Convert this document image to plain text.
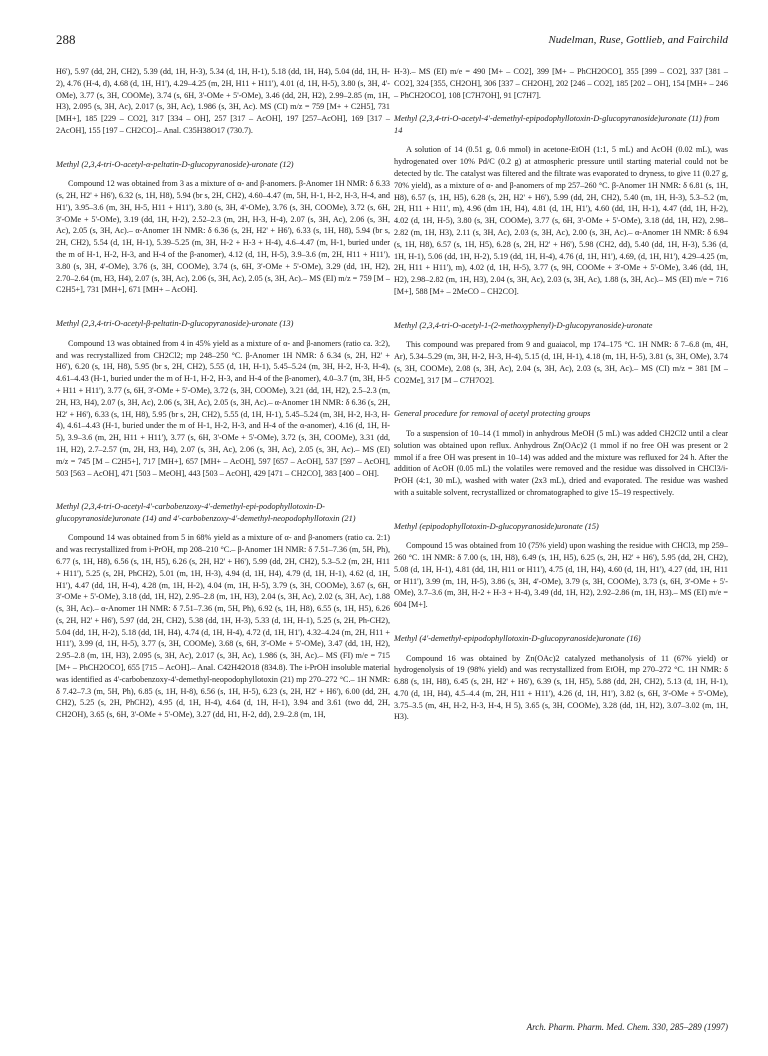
288	Nudelman, Ruse, Gottlieb, and Fairchild

H6'), 5.97 (dd, 2H, CH2), 5.39 (dd, 1H, H-3), 5.34 (d, 1H, H-1), 5.18 (dd, 1H, H4), 5.04 (dd, 1H, H-2), 4.76 (H-4, d), 4.68 (d, 1H, H1'), 4.29–4.25 (m, 2H, H11 + H11'), 4.01 (d, 1H, H-5), 3.80 (s, 3H, 4'-OMe), 3.77 (s, 3H, COOMe), 3.74 (s, 6H, 3'-OMe + 5'-OMe), 3.46 (dd, 2H, H2), 2.99–2.85 (m, 1H, H3), 2.095 (s, 3H, Ac), 2.017 (s, 3H, Ac), 1.986 (s, 3H, Ac). MS (CI) m/z = 759 [M+ + C2H5], 731 [MH+], 185 [229 – CO2], 317 [334 – OH], 257 [317 – AcOH], 197 [257–AcOH], 169 [317 – 2AcOH], 155 [197 – CH2CO].– Anal. C35H38O17 (730.7).

Methyl (2,3,4-tri-O-acetyl-α-peltatin-D-glucopyranoside)-uronate (12)

Compound 12 was obtained from 3 as a mixture of α- and β-anomers. β-Anomer 1H NMR: δ 6.33 (s, 2H, H2' + H6'), 6.32 (s, 1H, H8), 5.94 (br s, 2H, CH2), 4.60–4.47 (m, 5H, H-1, H-2, H-3, H-4, and H1'), 3.95–3.6 (m, 3H, H-5, H11 + H11'), 3.80 (s, 3H, 4'-OMe), 3.76 (s, 3H, COOMe), 3.72 (s, 6H, 3'-OMe + 5'-OMe), 3.19 (dd, 1H, H-2), 2.52–2.3 (m, 2H, H-3, H-4), 2.07 (s, 3H, Ac), 2.06 (s, 3H, Ac), 2.05 (s, 3H, Ac).– α-Anomer 1H NMR: δ 6.36 (s, 2H, H2' + H6'), 6.33 (s, 1H, H8), 5.94 (br s, 2H, CH2), 5.54 (d, 1H, H-1), 5.39–5.25 (m, 3H, H-2 + H-3 + H-4), 4.6–4.47 (m, H-1, buried under the m of H-1, H-2, H-3, and H-4 of the β-anomer), 4.12 (d, 1H, H-5), 3.9–3.6 (m, 2H, H11 + H11'), 3.80 (s, 3H, 4'-OMe), 3.76 (s, 3H, COOMe), 3.74 (s, 6H, 3'-OMe + 5'-OMe), 3.29 (dd, 1H, H2), 2.70–2.64 (m, H3, H4), 2.07 (s, 3H, Ac), 2.06 (s, 3H, Ac), 2.05 (s, 3H, Ac).– MS (EI) m/z = 759 [M – C2H5+], 731 [MH+], 671 [MH+ – AcOH].

Methyl (2,3,4-tri-O-acetyl-β-peltatin-D-glucopyranoside)-uronate (13)

Compound 13 was obtained from 4 in 45% yield as a mixture of α- and β-anomers (ratio ca. 3:2), and was recrystallized from CH2Cl2; mp 248–250 °C. β-Anomer 1H NMR: δ 6.34 (s, 2H, H2' + H6'), 6.20 (s, 1H, H8), 5.95 (br s, 2H, CH2), 5.55 (d, 1H, H-1), 5.45–5.24 (m, 3H, H-2, H-3, H-4), 4.61–4.43 (H-1, buried under the m of H-1, H-2, H-3, and H-4 of the β-anomer), 4.0–3.7 (m, 3H, H-5 + H11 + H11'), 3.77 (s, 6H, 3'-OMe + 5'-OMe), 3.72 (s, 3H, COOMe), 3.21 (dd, 1H, H2), 2.5–2.3 (m, 2H, H3, H4), 2.07 (s, 3H, Ac), 2.06 (s, 3H, Ac), 2.05 (s, 3H, Ac).– α-Anomer 1H NMR: δ 6.36 (s, 2H, H2' + H6'), 6.33 (s, 1H, H8), 5.95 (br s, 2H, CH2), 5.55 (d, 1H, H-1), 5.45–5.24 (m, 3H, H-2, H-3, H-4), 4.61–4.43 (H-1, buried under the m of H-1, H-2, H-3, and H-4 of the α-anomer), 4.16 (d, 1H, H-5), 3.9–3.6 (m, 2H, H11 + H11'), 3.77 (s, 6H, 3'-OMe + 5'-OMe), 3.72 (s, 3H, COOMe), 3.31 (dd, 1H, H2), 2.7–2.57 (m, 2H, H3, H4), 2.07 (s, 3H, Ac), 2.06 (s, 3H, Ac), 2.05 (s, 3H, Ac).– MS (EI) m/z = 745 [M – C2H5+], 717 [MH+], 657 [MH+ – AcOH], 597 [657 – AcOH], 537 [597 – AcOH], 503 [563 – AcOH], 471 [503 – MeOH], 443 [503 – AcOH], 429 [471 – CH2CO], 383 [400 – OH].

Methyl (2,3,4-tri-O-acetyl-4'-carbobenzoxy-4'-demethyl-epi-podophyllotoxin-D-glucopyranoside)uronate (14) and 4'-carbobenzoxy-4'-demethyl-neopodophyllotoxin (21)

Compound 14 was obtained from 5 in 68% yield as a mixture of α- and β-anomers (ratio ca. 2:1) and was recrystallized from i-PrOH, mp 208–210 °C.– β-Anomer 1H NMR: δ 7.51–7.36 (m, 5H, Ph), 6.77 (s, 1H, H8), 6.56 (s, 1H, H5), 6.26 (s, 2H, H2' + H6'), 5.99 (dd, 2H, CH2), 5.3–5.2 (m, 2H, H11 + H11'), 5.25 (s, 2H, PhCH2), 5.01 (m, 1H, H-3), 4.94 (d, 1H, H4), 4.79 (d, 1H, H-1), 4.62 (d, 1H, H1'), 4.47 (dd, 1H, H-4), 4.28 (m, 1H, H-2), 4.04 (m, 1H, H-5), 3.79 (s, 3H, COOMe), 3.67 (s, 6H, 3'-OMe + 5'-OMe), 3.18 (dd, 1H, H2), 2.95–2.8 (m, 1H, H3), 2.04 (s, 3H, Ac), 2.02 (s, 3H, Ac), 1.88 (s, 3H, Ac).– α-Anomer 1H NMR: δ 7.51–7.36 (m, 5H, Ph), 6.92 (s, 1H, H8), 6.55 (s, 1H, H5), 6.26 (s, 2H, H2' + H6'), 5.97 (dd, 2H, CH2), 5.38 (dd, 1H, H-3), 5.33 (d, 1H, H-1), 5.25 (s, 2H, Ph-CH2), 5.04 (dd, 1H, H-2), 5.18 (dd, 1H, H4), 4.74 (d, 1H, H-4), 4.72 (d, 1H, H1'), 4.32–4.24 (m, 2H, H11 + H11'), 3.99 (d, 1H, H-5), 3.77 (s, 3H, COOMe), 3.68 (s, 6H, 3'-OMe + 5'-OMe), 3.47 (dd, 1H, H2), 2.95–2.8 (m, 1H, H3), 2.095 (s, 3H, Ac), 2.017 (s, 3H, Ac), 1.986 (s, 3H, Ac).– MS (FI) m/e = 715 [M+ – PhCH2OCO], 655 [715 – AcOH].– Anal. C42H42O18 (834.8). The i-PrOH insoluble material was identified as 4'-carbobenzoxy-4'-demethyl-neopodophyllotoxin (21) mp 270–272 °C.– 1H NMR: δ 7.42–7.3 (m, 5H, Ph), 6.85 (s, 1H, H-8), 6.56 (s, 1H, H-5), 6.23 (s, 2H, H2' + H6'), 6.00 (dd, 2H, CH2), 5.25 (s, 2H, PhCH2), 4.95 (d, 1H, H-4), 4.64 (d, 1H, H-1), 3.94 and 3.61 (two dd, 2H, CH2OH), 3.65 (s, 6H, 3'-OMe + 5'-OMe), 3.27 (dd, H1, H-2, dd), 2.9–2.8 (m, 1H,

H-3).– MS (EI) m/e = 490 [M+ – CO2], 399 [M+ – PhCH2OCO], 355 [399 – CO2], 337 [381 – CO2], 324 [355, CH2OH], 306 [337 – CH2OH], 202 [246 – CO2], 185 [202 – OH], 154 [MH+ – 246 – PhCH2OCO], 108 [C7H7OH], 91 [C7H7].

Methyl (2,3,4-tri-O-acetyl-4'-demethyl-epipodophyllotoxin-D-glucopyranoside)uronate (11) from 14

A solution of 14 (0.51 g, 0.6 mmol) in acetone-EtOH (1:1, 5 mL) and AcOH (0.02 mL), was hydrogenated over 10% Pd/C (0.2 g) at atmospheric pressure until starting material could not be detected by tlc. The catalyst was filtered and the filtrate was evaporated to dryness, to give 11 (0.27 g, 70% yield), as a mixture of α- and β-anomers of mp 257–260 °C. β-Anomer 1H NMR: δ 6.81 (s, 1H, H8), 6.57 (s, 1H, H5), 6.28 (s, 2H, H2' + H6'), 5.99 (dd, 2H, CH2), 5.40 (m, 1H, H-3), 5.3–5.2 (m, 2H, H11 + H11', m), 4.96 (dm 1H, H4), 4.81 (d, 1H, H1'), 4.60 (dd, 1H, H-1), 4.47 (dd, 1H, H-2), 4.02 (d, 1H, H-5), 3.80 (s, 3H, COOMe), 3.77 (s, 6H, 3'-OMe + 5'-OMe), 3.18 (dd, 1H, H2), 2.98–2.82 (m, 1H, H3), 2.11 (s, 3H, Ac), 2.03 (s, 3H, Ac), 2.00 (s, 3H, Ac).– α-Anomer 1H NMR: δ 6.94 (s, 1H, H8), 6.57 (s, 1H, H5), 6.28 (s, 2H, H2' + H6'), 5.98 (CH2, dd), 5.40 (dd, 1H, H-3), 5.36 (d, 1H, H-1), 5.06 (dd, 1H, H-2), 5.19 (dd, 1H, H-4), 4.76 (d, 1H, H1'), 4.69, (d, 1H, H1'), 4.29–4.25 (m, 2H, H11 + H11'), m), 4.02 (d, 1H, H-5), 3.77 (s, 9H, COOMe + 3'-OMe + 5'-OMe), 3.46 (dd, 1H, H2), 2.98–2.82 (m, 1H, H3), 2.04 (s, 3H, Ac), 2.03 (s, 3H, Ac), 1.88 (s, 3H, Ac).– MS (EI) m/e = 716 [M+], 588 [M+ – 2MeCO – CH2CO].

Methyl (2,3,4-tri-O-acetyl-1-(2-methoxyphenyl)-D-glucopyranoside)-uronate

This compound was prepared from 9 and guaiacol, mp 174–175 °C. 1H NMR: δ 7–6.8 (m, 4H, Ar), 5.34–5.29 (m, 3H, H-2, H-3, H-4), 5.15 (d, 1H, H-1), 4.18 (m, 1H, H-5), 3.81 (s, 3H, OMe), 3.74 (s, 3H, COOMe), 2.08 (s, 3H, Ac), 2.04 (s, 3H, Ac), 2.03 (s, 3H, Ac).– MS (CI) m/z = 381 [M – CO2Me], 317 [M – C7H7O2].

General procedure for removal of acetyl protecting groups

To a suspension of 10–14 (1 mmol) in anhydrous MeOH (5 mL) was added CH2Cl2 until a clear solution was obtained upon reflux. Anhydrous Zn(OAc)2 (1 mmol if no free OH was present or 2 mmol if a free OH was present in 10–14) was added and the mixture was refluxed for 24 h. After the addition of AcOH (0.05 mL) the volatiles were removed and the residue was dissolved in CHCl3/i-PrOH (4:1, 30 mL), washed with water (2x3 mL), dried and evaporated. The residue was washed with a suitable solvent, recrystallized or chromatographed to give 15–19 respectively.

Methyl (epipodophyllotoxin-D-glucopyranoside)uronate (15)

Compound 15 was obtained from 10 (75% yield) upon washing the residue with CHCl3, mp 259–260 °C. 1H NMR: δ 7.00 (s, 1H, H8), 6.49 (s, 1H, H5), 6.25 (s, 2H, H2' + H6'), 5.95 (dd, 2H, CH2), 5.08 (d, 1H, H-1), 4.81 (dd, 1H, H11 or H11'), 4.75 (d, 1H, H4), 4.60 (d, 1H, H1'), 4.27 (dd, 1H, H11 or H11'), 3.99 (m, 1H, H-5), 3.86 (s, 3H, 4'-OMe), 3.79 (s, 3H, COOMe), 3.73 (s, 6H, 3'-OMe + 5'-OMe), 3.7–3.6 (m, 3H, H-2 + H-3 + H-4), 3.49 (dd, 1H, H2), 2.92–2.86 (m, 1H, H3).– MS (EI) m/e = 604 [M+].

Methyl (4'-demethyl-epipodophyllotoxin-D-glucopyranoside)uronate (16)

Compound 16 was obtained by Zn(OAc)2 catalyzed methanolysis of 11 (67% yield) or hydrogenolysis of 19 (98% yield) and was recrystallized from EtOH, mp 270–272 °C. 1H NMR: δ 6.88 (s, 1H, H8), 6.45 (s, 2H, H2' + H6'), 6.39 (s, 1H, H5), 5.88 (dd, 2H, CH2), 5.13 (d, 1H, H-1), 4.70 (d, 1H, H4), 4.5–4.4 (m, 2H, H11 + H11'), 4.26 (d, 1H, H1'), 3.82 (s, 6H, 3'-OMe + 5'-OMe), 3.75–3.5 (m, 4H, H-2, H-3, H-4, H 5), 3.65 (s, 3H, COOMe), 3.28 (dd, 1H, H2), 3.07–3.02 (m, 1H, H3).

Arch. Pharm. Pharm. Med. Chem. 330, 285–289 (1997)
